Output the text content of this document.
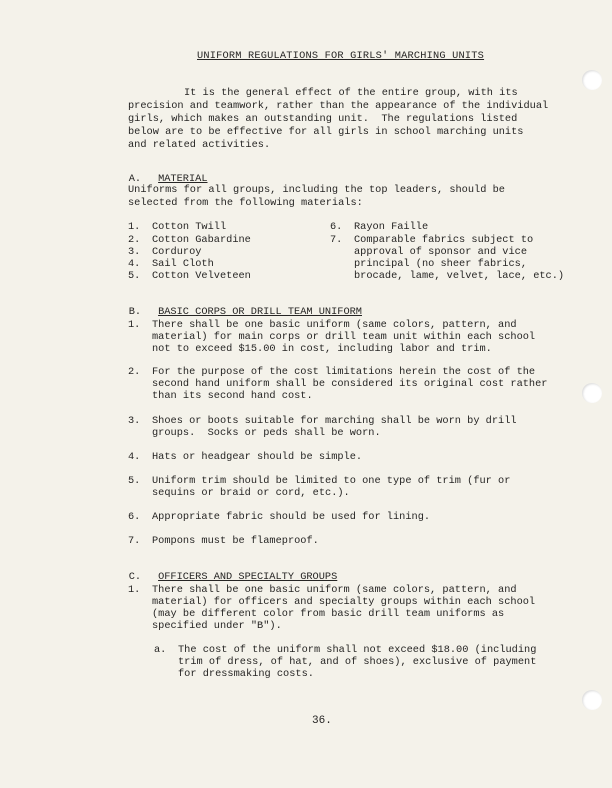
UNIFORM REGULATIONS FOR GIRLS' MARCHING UNITS
It is the general effect of the entire group, with its
precision and teamwork, rather than the appearance of the individual
girls, which makes an outstanding unit.  The regulations listed
below are to be effective for all girls in school marching units
and related activities.

A. MATERIAL

Uniforms for all groups, including the top leaders, should be
selected from the following materials:
1. Cotton Twill
2. Cotton Gabardine
3. Corduroy
4. Sail Cloth
5. Cotton Velveteen
6. Rayon Faille
7. Comparable fabrics subject to
approval of sponsor and vice
principal (no sheer fabrics,
brocade, lame, velvet, lace, etc.)

B. BASIC CORPS OR DRILL TEAM UNIFORM

1. There shall be one basic uniform (same colors, pattern, and
material) for main corps or drill team unit within each school
not to exceed $15.00 in cost, including labor and trim.
2. For the purpose of the cost limitations herein the cost of the
second hand uniform shall be considered its original cost rather
than its second hand cost.
3. Shoes or boots suitable for marching shall be worn by drill
groups.  Socks or peds shall be worn.
4. Hats or headgear should be simple.
5. Uniform trim should be limited to one type of trim (fur or
sequins or braid or cord, etc.).
6. Appropriate fabric should be used for lining.
7. Pompons must be flameproof.

C. OFFICERS AND SPECIALTY GROUPS

1. There shall be one basic uniform (same colors, pattern, and
material) for officers and specialty groups within each school
(may be different color from basic drill team uniforms as
specified under "B").
a. The cost of the uniform shall not exceed $18.00 (including
trim of dress, of hat, and of shoes), exclusive of payment
for dressmaking costs.
36.
